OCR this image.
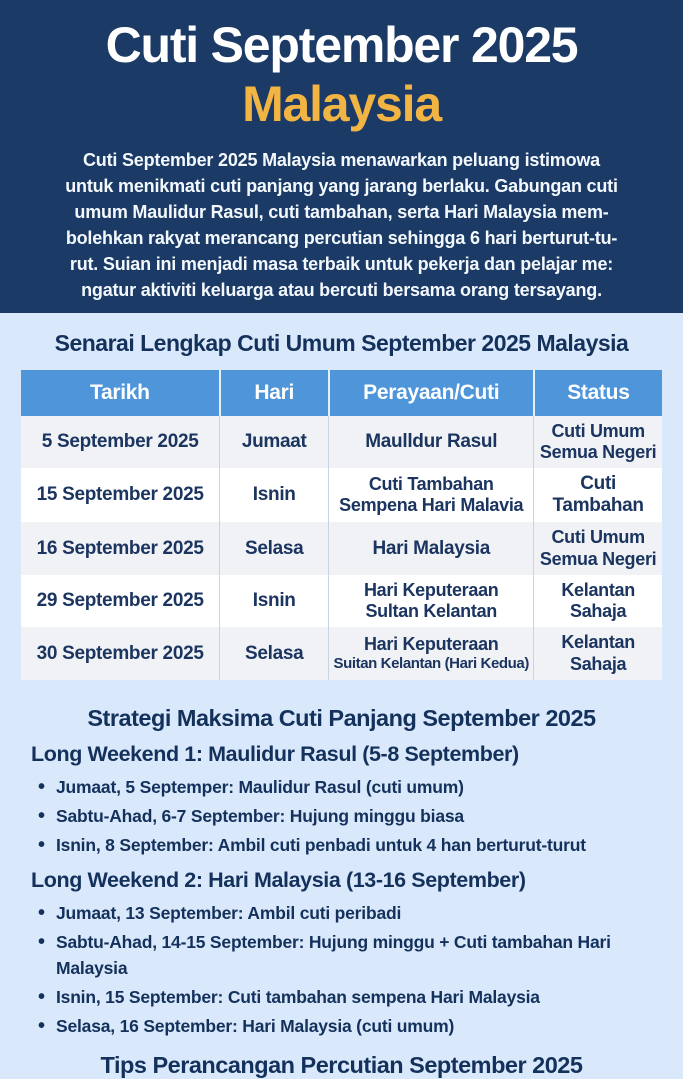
Cuti September 2025
Malaysia
Cuti September 2025 Malaysia menawarkan peluang istimowa
untuk menikmati cuti panjang yang jarang berlaku. Gabungan cuti
umum Maulidur Rasul, cuti tambahan, serta Hari Malaysia mem-
bolehkan rakyat merancang percutian sehingga 6 hari berturut-tu-
rut. Suian ini menjadi masa terbaik untuk pekerja dan pelajar me:
ngatur aktiviti keluarga atau bercuti bersama orang tersayang.
Senarai Lengkap Cuti Umum September 2025 Malaysia
Tarikh	Hari	Perayaan/Cuti	Status
5 September 2025	Jumaat	Maulldur Rasul	Cuti Umum
Semua Negeri

15 September 2025	Isnin	Cuti Tambahan
Sempena Hari Malavia	Cuti Tambahan
16 September 2025	Selasa	Hari Malaysia	Cuti Umum
Semua Negeri

29 September 2025	Isnin	Hari Keputeraan
Sultan Kelantan	Kelantan
Sahaja

30 September 2025	Selasa	Hari Keputeraan
Suitan Kelantan (Hari Kedua)	Kelantan
Sahaja
Strategi Maksima Cuti Panjang September 2025
Long Weekend 1: Maulidur Rasul (5-8 September)
• Jumaat, 5 Septemper: Maulidur Rasul (cuti umum)
• Sabtu-Ahad, 6-7 September: Hujung minggu biasa
• Isnin, 8 September: Ambil cuti penbadi untuk 4 han berturut-turut
Long Weekend 2: Hari Malaysia (13-16 September)
• Jumaat, 13 September: Ambil cuti peribadi
• Sabtu-Ahad, 14-15 September: Hujung minggu + Cuti tambahan Hari Malaysia
• Isnin, 15 September: Cuti tambahan sempena Hari Malaysia
• Selasa, 16 September: Hari Malaysia (cuti umum)
Tips Perancangan Percutian September 2025
